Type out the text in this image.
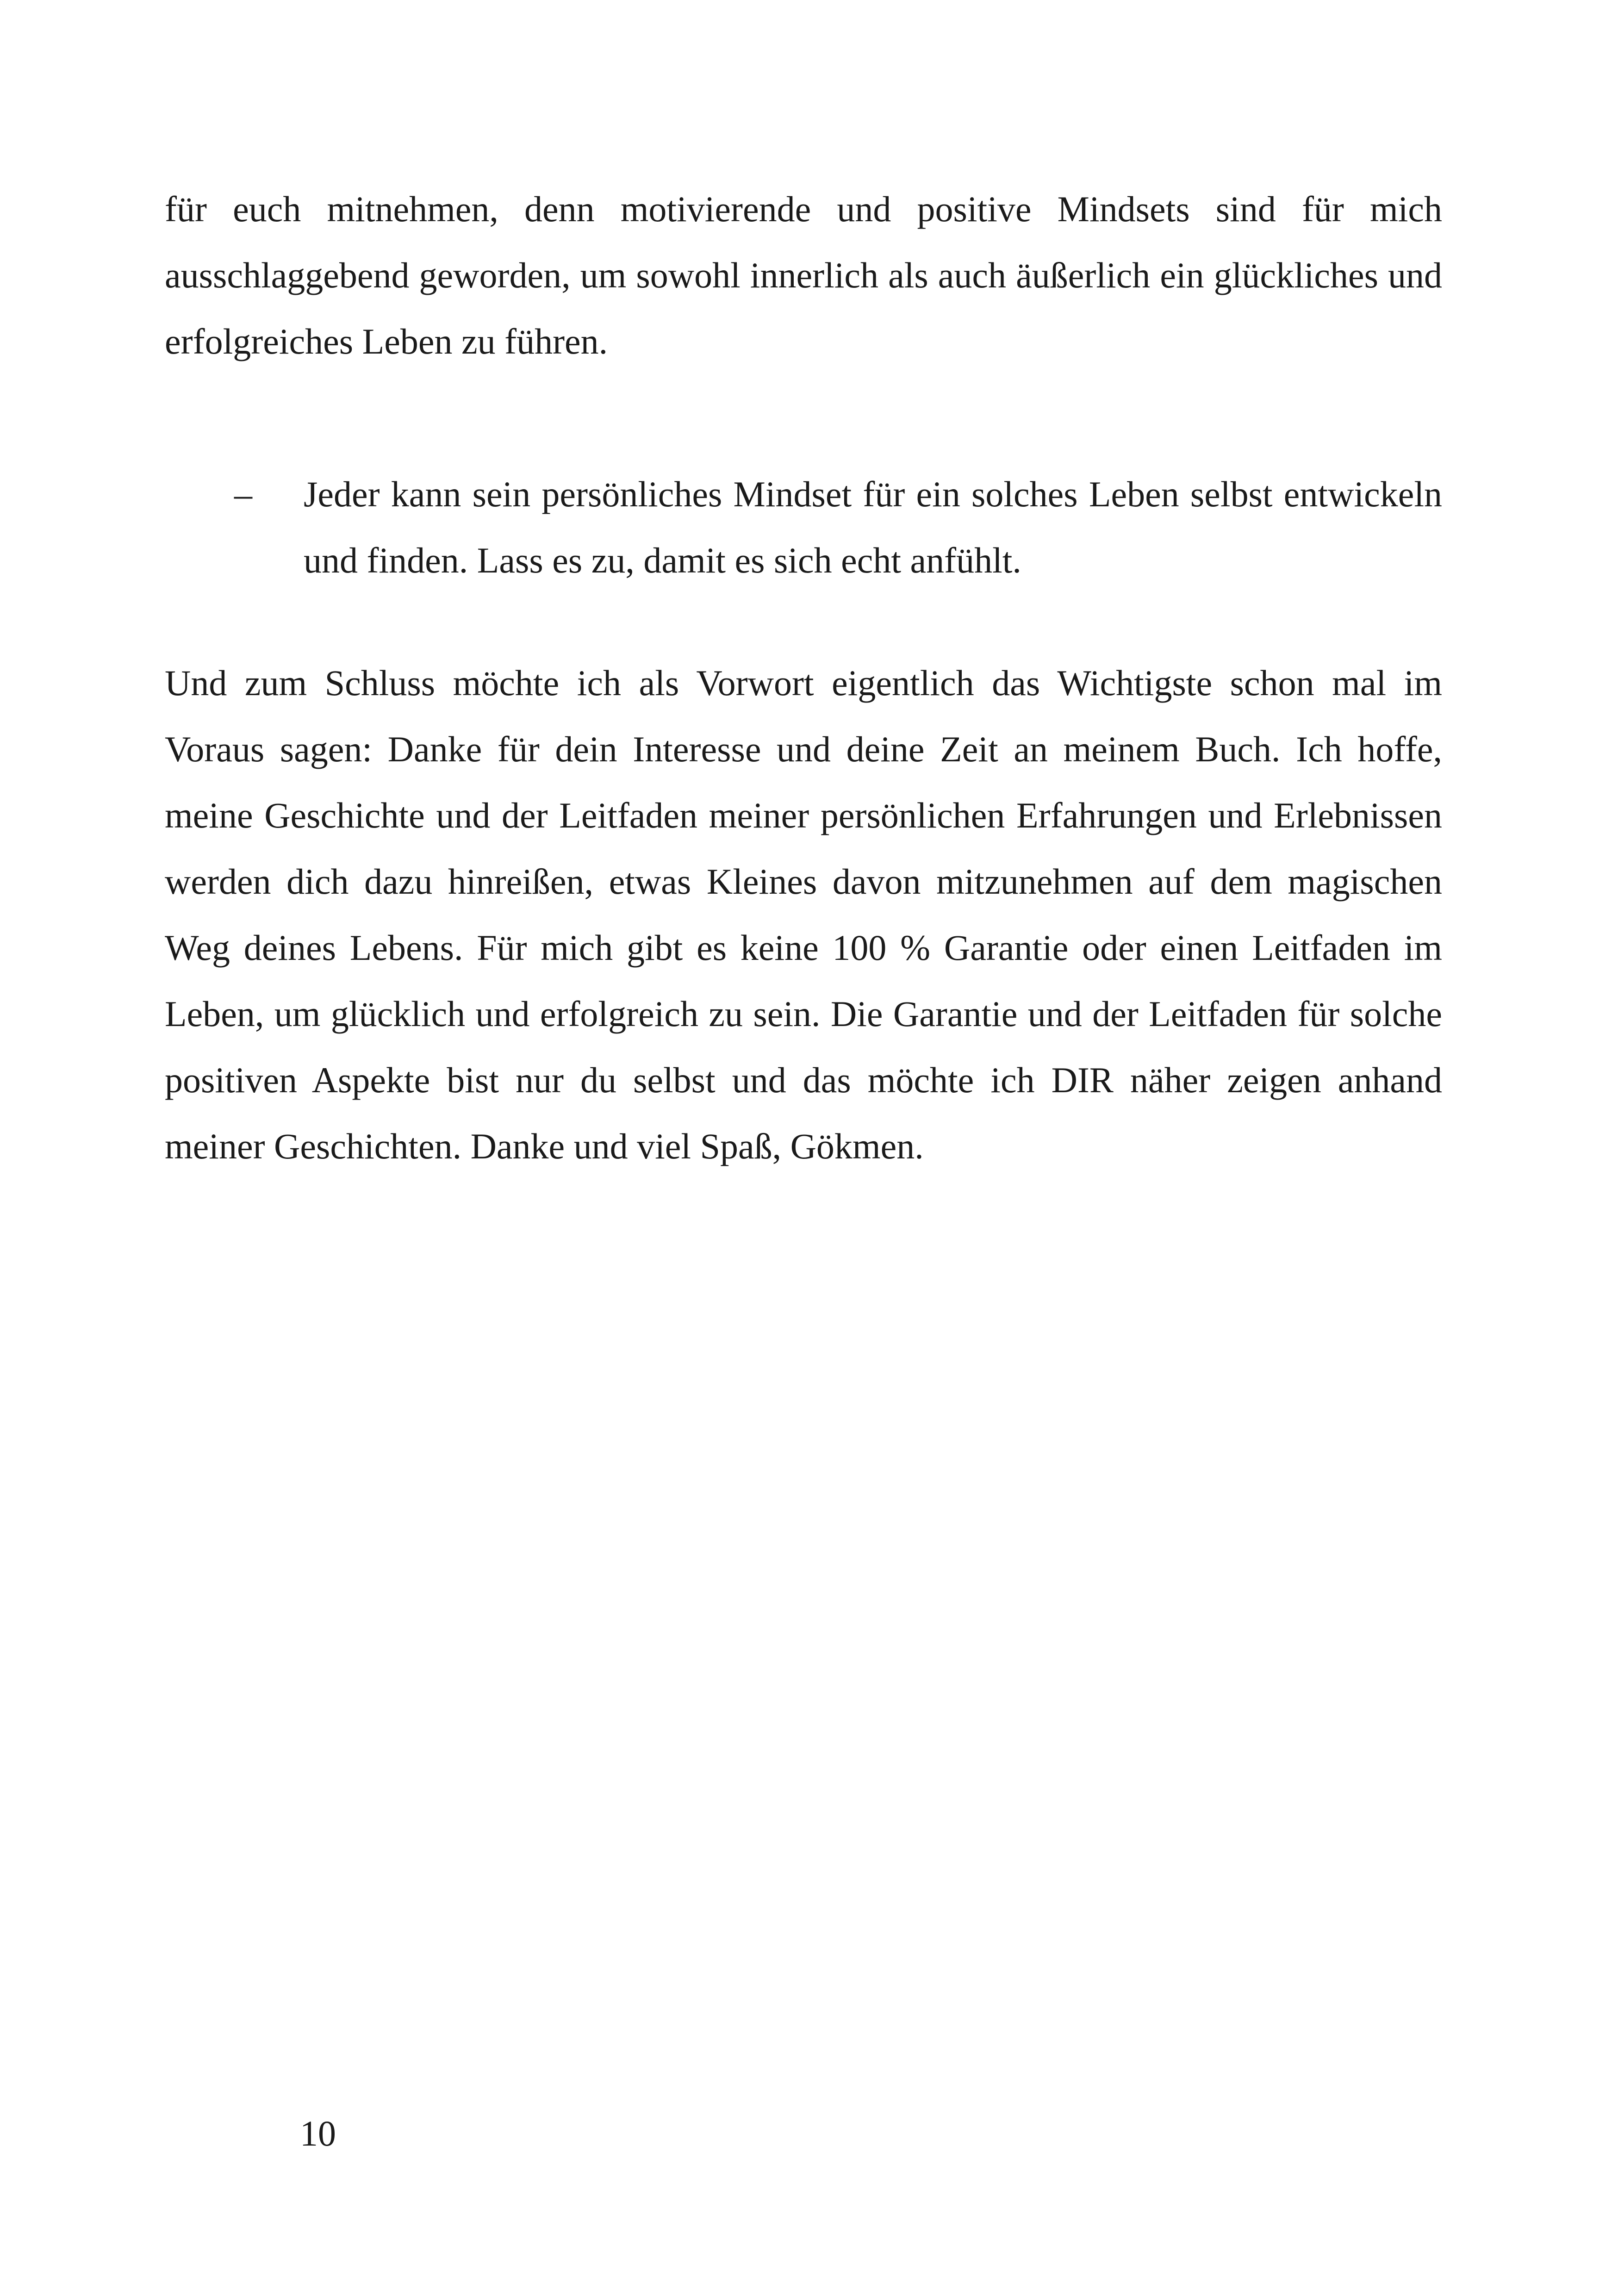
für euch mitnehmen, denn motivierende und positive Mindsets sind für mich ausschlaggebend geworden, um sowohl innerlich als auch äußerlich ein glückliches und erfolgreiches Leben zu führen.

– Jeder kann sein persönliches Mindset für ein solches Leben selbst entwickeln und finden. Lass es zu, damit es sich echt anfühlt.

Und zum Schluss möchte ich als Vorwort eigentlich das Wichtigste schon mal im Voraus sagen: Danke für dein Interesse und deine Zeit an meinem Buch. Ich hoffe, meine Geschichte und der Leitfaden meiner persönlichen Erfahrungen und Erlebnissen werden dich dazu hinreißen, etwas Kleines davon mitzunehmen auf dem magischen Weg deines Lebens. Für mich gibt es keine 100 % Garantie oder einen Leitfaden im Leben, um glücklich und erfolgreich zu sein. Die Garantie und der Leitfaden für solche positiven Aspekte bist nur du selbst und das möchte ich DIR näher zeigen anhand meiner Geschichten. Danke und viel Spaß, Gökmen.

10
